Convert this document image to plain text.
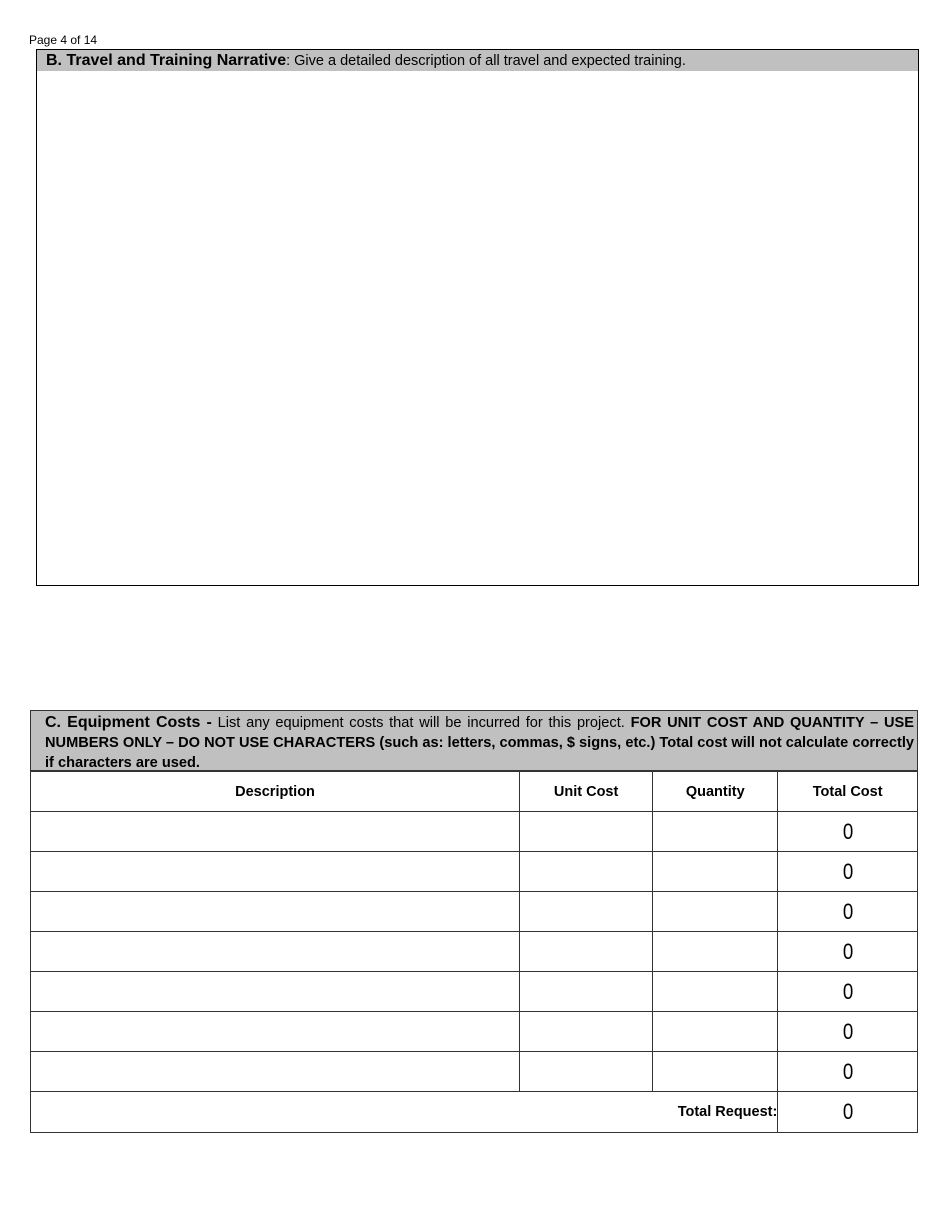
Page 4 of 14
B. Travel and Training Narrative: Give a detailed description of all travel and expected training.
C. Equipment Costs - List any equipment costs that will be incurred for this project. FOR UNIT COST AND QUANTITY – USE NUMBERS ONLY – DO NOT USE CHARACTERS (such as: letters, commas, $ signs, etc.) Total cost will not calculate correctly if characters are used.
Description	Unit Cost	Quantity	Total Cost
			0
			0
			0
			0
			0
			0
			0
Total Request:			0
